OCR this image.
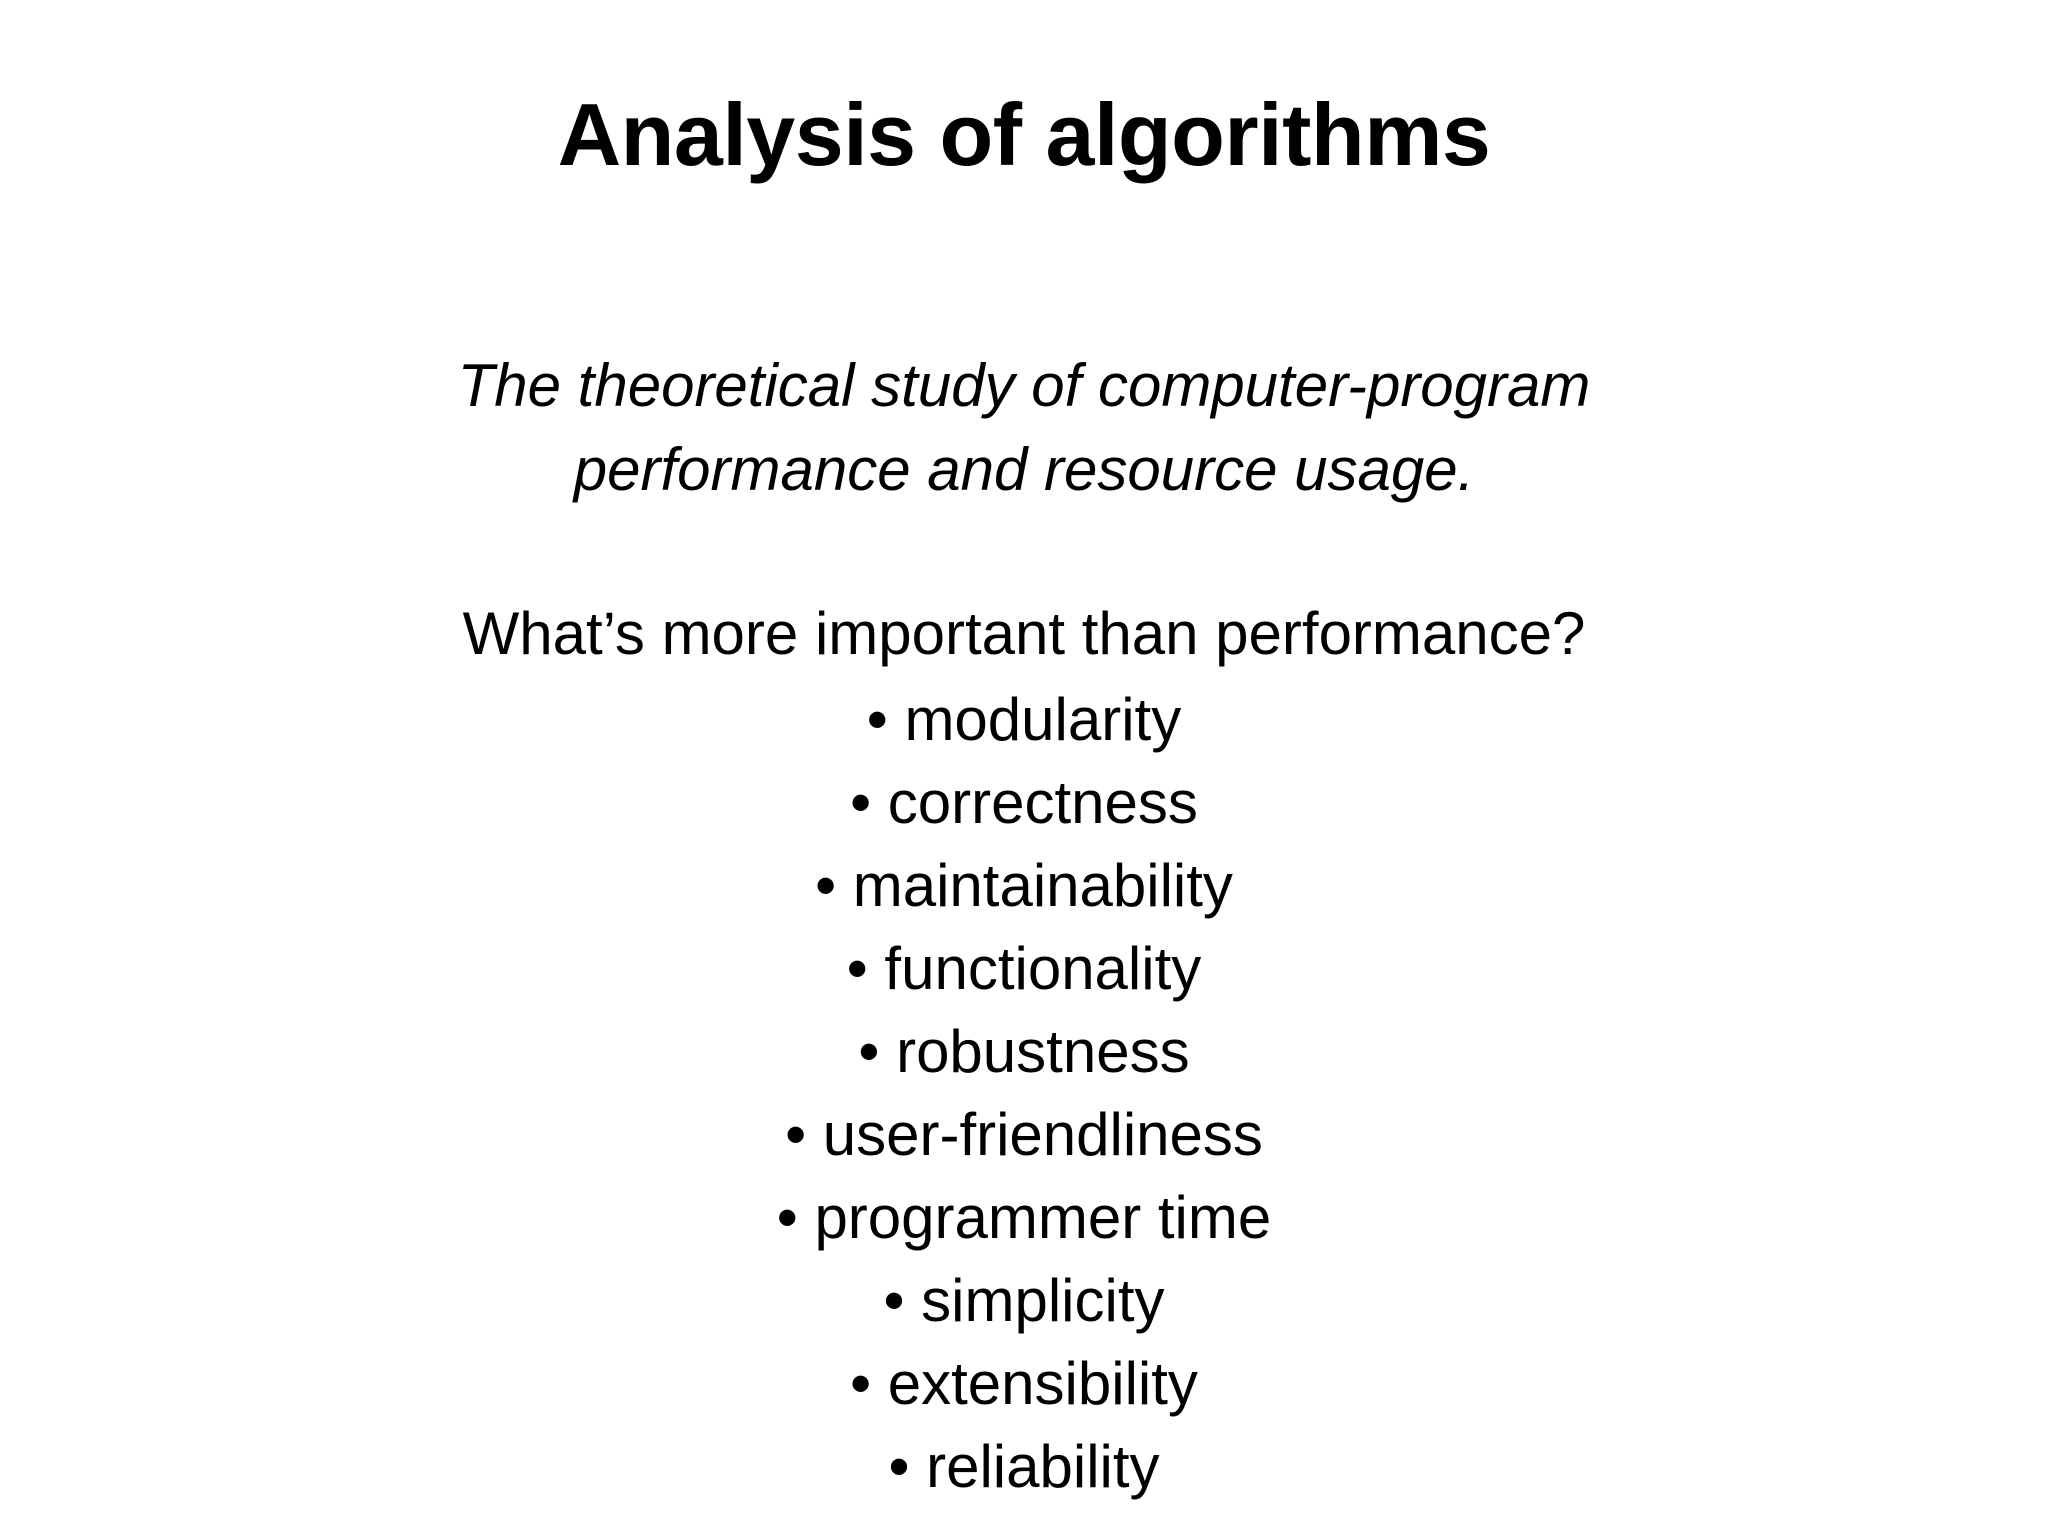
Analysis of algorithms
The theoretical study of computer-program
performance and resource usage.
What’s more important than performance?
• modularity
• correctness
• maintainability
• functionality
• robustness
• user-friendliness
• programmer time
• simplicity
• extensibility
• reliability
